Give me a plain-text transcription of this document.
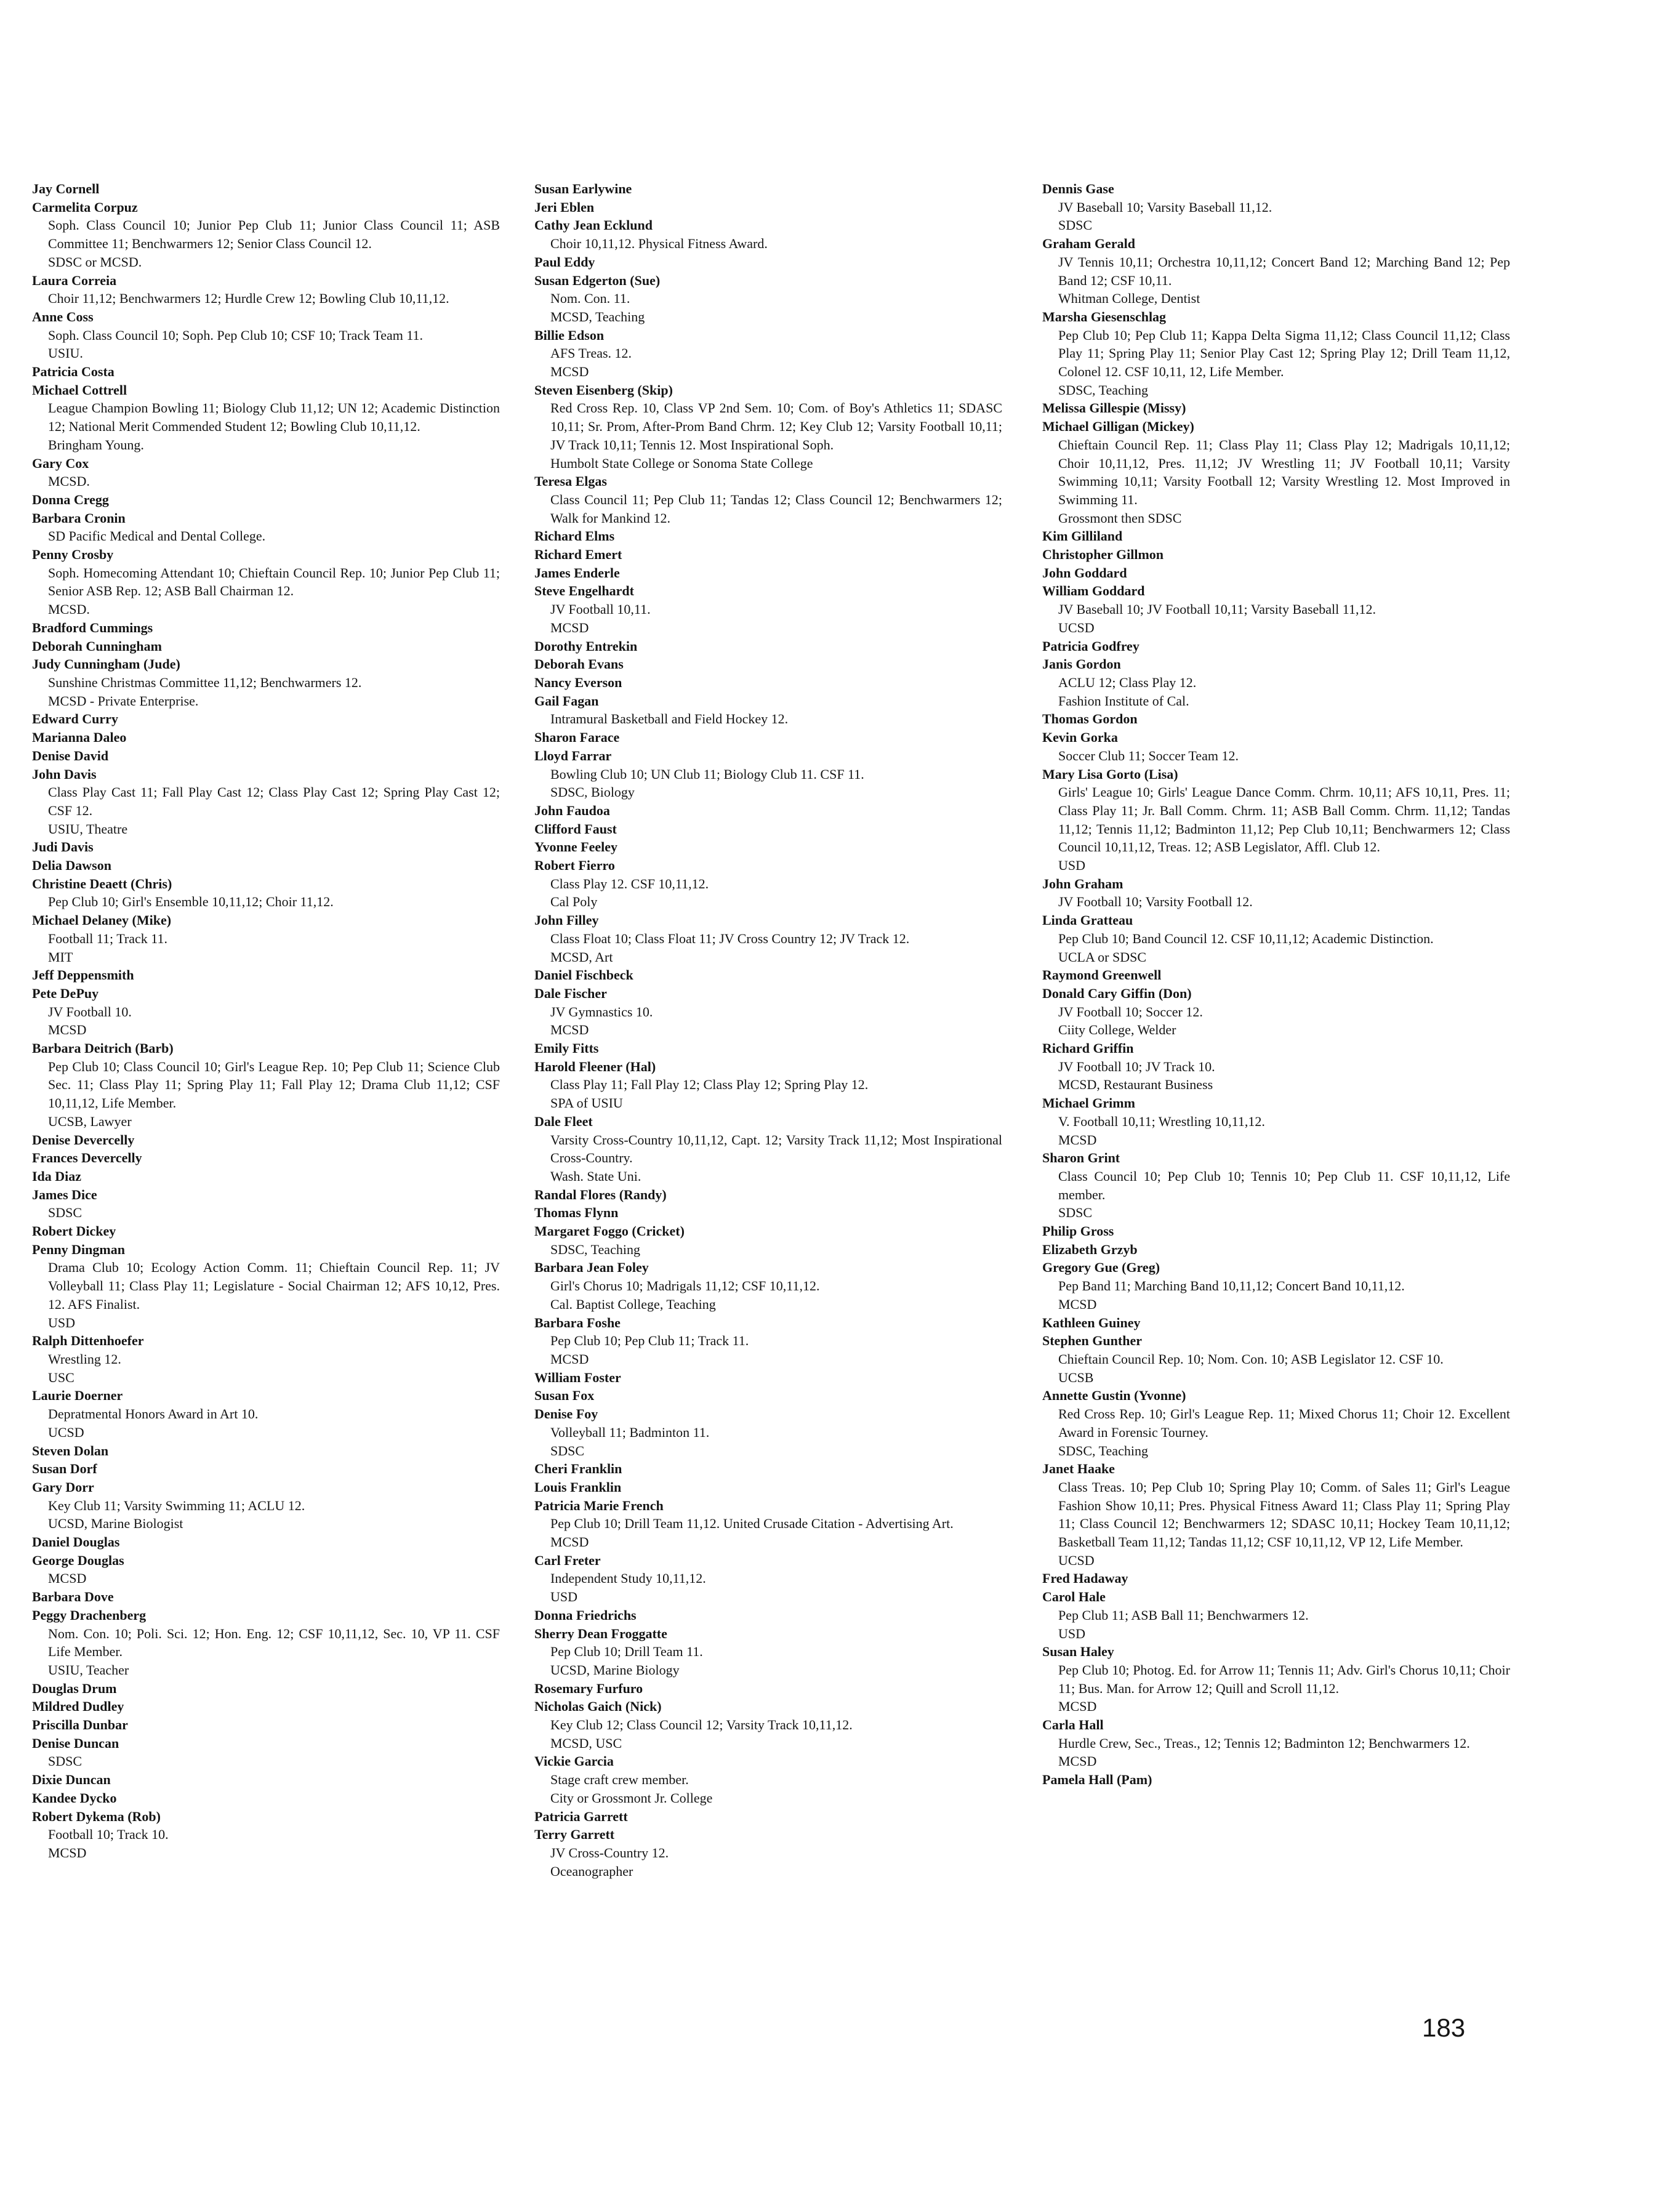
Jay Cornell
Carmelita Corpuz
Soph. Class Council 10; Junior Pep Club 11; Junior Class Council 11; ASB Committee 11; Benchwarmers 12; Senior Class Council 12.
SDSC or MCSD.
Laura Correia
Choir 11,12; Benchwarmers 12; Hurdle Crew 12; Bowling Club 10,11,12.
Anne Coss
Soph. Class Council 10; Soph. Pep Club 10; CSF 10; Track Team 11.
USIU.
Patricia Costa
Michael Cottrell
League Champion Bowling 11; Biology Club 11,12; UN 12; Academic Distinction 12; National Merit Commended Student 12; Bowling Club 10,11,12.
Bringham Young.
Gary Cox
MCSD.
Donna Cregg
Barbara Cronin
SD Pacific Medical and Dental College.
Penny Crosby
Soph. Homecoming Attendant 10; Chieftain Council Rep. 10; Junior Pep Club 11; Senior ASB Rep. 12; ASB Ball Chairman 12.
MCSD.
Bradford Cummings
Deborah Cunningham
Judy Cunningham (Jude)
Sunshine Christmas Committee 11,12; Benchwarmers 12.
MCSD - Private Enterprise.
Edward Curry
Marianna Daleo
Denise David
John Davis
Class Play Cast 11; Fall Play Cast 12; Class Play Cast 12; Spring Play Cast 12; CSF 12.
USIU, Theatre
Judi Davis
Delia Dawson
Christine Deaett (Chris)
Pep Club 10; Girl's Ensemble 10,11,12; Choir 11,12.
Michael Delaney (Mike)
Football 11; Track 11.
MIT
Jeff Deppensmith
Pete DePuy
JV Football 10.
MCSD
Barbara Deitrich (Barb)
Pep Club 10; Class Council 10; Girl's League Rep. 10; Pep Club 11; Science Club Sec. 11; Class Play 11; Spring Play 11; Fall Play 12; Drama Club 11,12; CSF 10,11,12, Life Member.
UCSB, Lawyer
Denise Devercelly
Frances Devercelly
Ida Diaz
James Dice
SDSC
Robert Dickey
Penny Dingman
Drama Club 10; Ecology Action Comm. 11; Chieftain Council Rep. 11; JV Volleyball 11; Class Play 11; Legislature - Social Chairman 12; AFS 10,12, Pres. 12. AFS Finalist.
USD
Ralph Dittenhoefer
Wrestling 12.
USC
Laurie Doerner
Depratmental Honors Award in Art 10.
UCSD
Steven Dolan
Susan Dorf
Gary Dorr
Key Club 11; Varsity Swimming 11; ACLU 12.
UCSD, Marine Biologist
Daniel Douglas
George Douglas
MCSD
Barbara Dove
Peggy Drachenberg
Nom. Con. 10; Poli. Sci. 12; Hon. Eng. 12; CSF 10,11,12, Sec. 10, VP 11. CSF Life Member.
USIU, Teacher
Douglas Drum
Mildred Dudley
Priscilla Dunbar
Denise Duncan
SDSC
Dixie Duncan
Kandee Dycko
Robert Dykema (Rob)
Football 10; Track 10.
MCSD
Susan Earlywine
Jeri Eblen
Cathy Jean Ecklund
Choir 10,11,12. Physical Fitness Award.
Paul Eddy
Susan Edgerton (Sue)
Nom. Con. 11.
MCSD, Teaching
Billie Edson
AFS Treas. 12.
MCSD
Steven Eisenberg (Skip)
Red Cross Rep. 10, Class VP 2nd Sem. 10; Com. of Boy's Athletics 11; SDASC 10,11; Sr. Prom, After-Prom Band Chrm. 12; Key Club 12; Varsity Football 10,11; JV Track 10,11; Tennis 12. Most Inspirational Soph.
Humbolt State College or Sonoma State College
Teresa Elgas
Class Council 11; Pep Club 11; Tandas 12; Class Council 12; Benchwarmers 12; Walk for Mankind 12.
Richard Elms
Richard Emert
James Enderle
Steve Engelhardt
JV Football 10,11.
MCSD
Dorothy Entrekin
Deborah Evans
Nancy Everson
Gail Fagan
Intramural Basketball and Field Hockey 12.
Sharon Farace
Lloyd Farrar
Bowling Club 10; UN Club 11; Biology Club 11. CSF 11.
SDSC, Biology
John Faudoa
Clifford Faust
Yvonne Feeley
Robert Fierro
Class Play 12. CSF 10,11,12.
Cal Poly
John Filley
Class Float 10; Class Float 11; JV Cross Country 12; JV Track 12.
MCSD, Art
Daniel Fischbeck
Dale Fischer
JV Gymnastics 10.
MCSD
Emily Fitts
Harold Fleener (Hal)
Class Play 11; Fall Play 12; Class Play 12; Spring Play 12.
SPA of USIU
Dale Fleet
Varsity Cross-Country 10,11,12, Capt. 12; Varsity Track 11,12; Most Inspirational Cross-Country.
Wash. State Uni.
Randal Flores (Randy)
Thomas Flynn
Margaret Foggo (Cricket)
SDSC, Teaching
Barbara Jean Foley
Girl's Chorus 10; Madrigals 11,12; CSF 10,11,12.
Cal. Baptist College, Teaching
Barbara Foshe
Pep Club 10; Pep Club 11; Track 11.
MCSD
William Foster
Susan Fox
Denise Foy
Volleyball 11; Badminton 11.
SDSC
Cheri Franklin
Louis Franklin
Patricia Marie French
Pep Club 10; Drill Team 11,12. United Crusade Citation - Advertising Art.
MCSD
Carl Freter
Independent Study 10,11,12.
USD
Donna Friedrichs
Sherry Dean Froggatte
Pep Club 10; Drill Team 11.
UCSD, Marine Biology
Rosemary Furfuro
Nicholas Gaich (Nick)
Key Club 12; Class Council 12; Varsity Track 10,11,12.
MCSD, USC
Vickie Garcia
Stage craft crew member.
City or Grossmont Jr. College
Patricia Garrett
Terry Garrett
JV Cross-Country 12.
Oceanographer
Dennis Gase
JV Baseball 10; Varsity Baseball 11,12.
SDSC
Graham Gerald
JV Tennis 10,11; Orchestra 10,11,12; Concert Band 12; Marching Band 12; Pep Band 12; CSF 10,11.
Whitman College, Dentist
Marsha Giesenschlag
Pep Club 10; Pep Club 11; Kappa Delta Sigma 11,12; Class Council 11,12; Class Play 11; Spring Play 11; Senior Play Cast 12; Spring Play 12; Drill Team 11,12, Colonel 12. CSF 10,11, 12, Life Member.
SDSC, Teaching
Melissa Gillespie (Missy)
Michael Gilligan (Mickey)
Chieftain Council Rep. 11; Class Play 11; Class Play 12; Madrigals 10,11,12; Choir 10,11,12, Pres. 11,12; JV Wrestling 11; JV Football 10,11; Varsity Swimming 10,11; Varsity Football 12; Varsity Wrestling 12. Most Improved in Swimming 11.
Grossmont then SDSC
Kim Gilliland
Christopher Gillmon
John Goddard
William Goddard
JV Baseball 10; JV Football 10,11; Varsity Baseball 11,12.
UCSD
Patricia Godfrey
Janis Gordon
ACLU 12; Class Play 12.
Fashion Institute of Cal.
Thomas Gordon
Kevin Gorka
Soccer Club 11; Soccer Team 12.
Mary Lisa Gorto (Lisa)
Girls' League 10; Girls' League Dance Comm. Chrm. 10,11; AFS 10,11, Pres. 11; Class Play 11; Jr. Ball Comm. Chrm. 11; ASB Ball Comm. Chrm. 11,12; Tandas 11,12; Tennis 11,12; Badminton 11,12; Pep Club 10,11; Benchwarmers 12; Class Council 10,11,12, Treas. 12; ASB Legislator, Affl. Club 12.
USD
John Graham
JV Football 10; Varsity Football 12.
Linda Gratteau
Pep Club 10; Band Council 12. CSF 10,11,12; Academic Distinction.
UCLA or SDSC
Raymond Greenwell
Donald Cary Giffin (Don)
JV Football 10; Soccer 12.
Ciity College, Welder
Richard Griffin
JV Football 10; JV Track 10.
MCSD, Restaurant Business
Michael Grimm
V. Football 10,11; Wrestling 10,11,12.
MCSD
Sharon Grint
Class Council 10; Pep Club 10; Tennis 10; Pep Club 11. CSF 10,11,12, Life member.
SDSC
Philip Gross
Elizabeth Grzyb
Gregory Gue (Greg)
Pep Band 11; Marching Band 10,11,12; Concert Band 10,11,12.
MCSD
Kathleen Guiney
Stephen Gunther
Chieftain Council Rep. 10; Nom. Con. 10; ASB Legislator 12. CSF 10.
UCSB
Annette Gustin (Yvonne)
Red Cross Rep. 10; Girl's League Rep. 11; Mixed Chorus 11; Choir 12. Excellent Award in Forensic Tourney.
SDSC, Teaching
Janet Haake
Class Treas. 10; Pep Club 10; Spring Play 10; Comm. of Sales 11; Girl's League Fashion Show 10,11; Pres. Physical Fitness Award 11; Class Play 11; Spring Play 11; Class Council 12; Benchwarmers 12; SDASC 10,11; Hockey Team 10,11,12; Basketball Team 11,12; Tandas 11,12; CSF 10,11,12, VP 12, Life Member.
UCSD
Fred Hadaway
Carol Hale
Pep Club 11; ASB Ball 11; Benchwarmers 12.
USD
Susan Haley
Pep Club 10; Photog. Ed. for Arrow 11; Tennis 11; Adv. Girl's Chorus 10,11; Choir 11; Bus. Man. for Arrow 12; Quill and Scroll 11,12.
MCSD
Carla Hall
Hurdle Crew, Sec., Treas., 12; Tennis 12; Badminton 12; Benchwarmers 12.
MCSD
Pamela Hall (Pam)
183
